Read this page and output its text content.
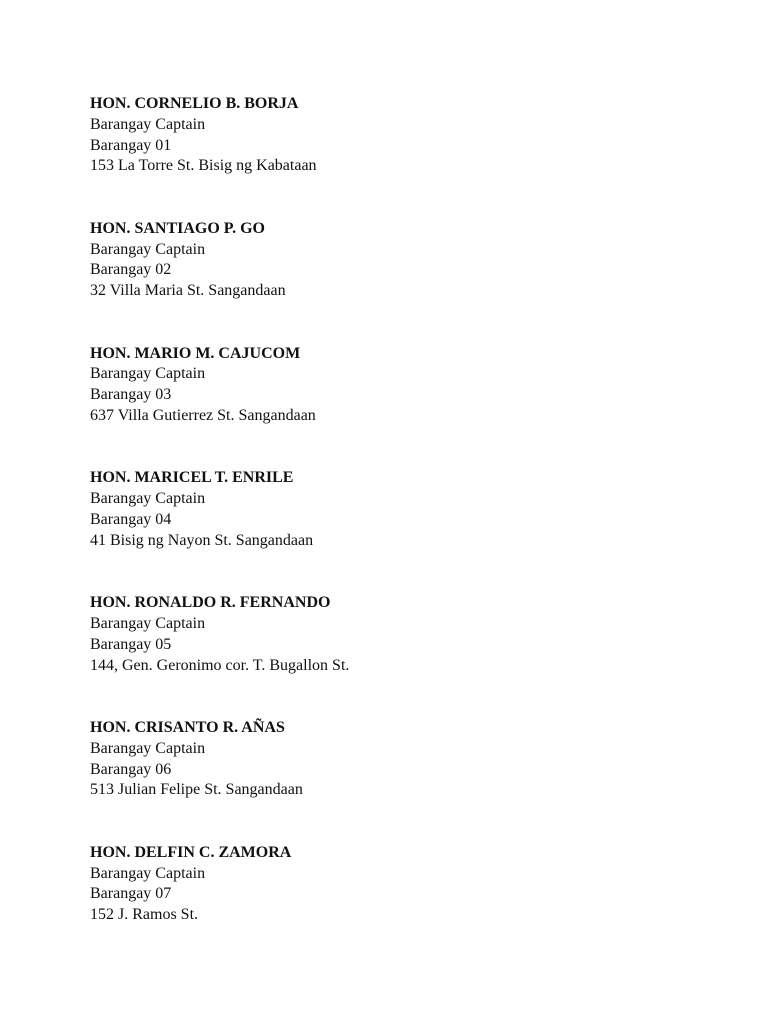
HON. CORNELIO B. BORJA
Barangay Captain
Barangay 01
153 La Torre St. Bisig ng Kabataan
HON. SANTIAGO P. GO
Barangay Captain
Barangay 02
32 Villa Maria St. Sangandaan
HON. MARIO M. CAJUCOM
Barangay Captain
Barangay 03
637 Villa Gutierrez St. Sangandaan
HON. MARICEL T. ENRILE
Barangay Captain
Barangay 04
41 Bisig ng Nayon St. Sangandaan
HON. RONALDO R. FERNANDO
Barangay Captain
Barangay 05
144, Gen. Geronimo cor. T. Bugallon St.
HON. CRISANTO R. AÑAS
Barangay Captain
Barangay 06
513 Julian Felipe St. Sangandaan
HON. DELFIN C. ZAMORA
Barangay Captain
Barangay 07
152 J. Ramos St.
